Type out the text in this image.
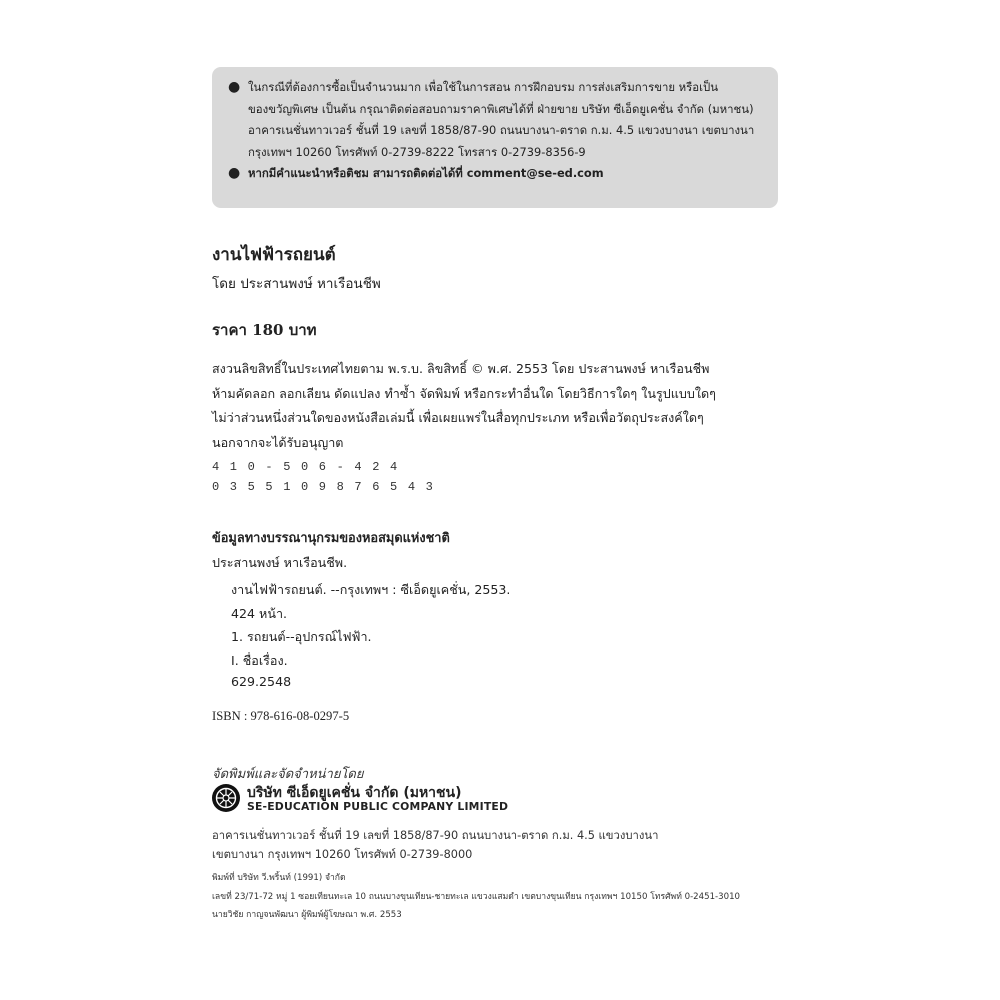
● ในกรณีที่ต้องการซื้อเป็นจำนวนมาก เพื่อใช้ในการสอน การฝึกอบรม การส่งเสริมการขาย หรือเป็น
ของขวัญพิเศษ เป็นต้น กรุณาติดต่อสอบถามราคาพิเศษได้ที่ ฝ่ายขาย บริษัท ซีเอ็ดยูเคชั่น จำกัด (มหาชน)
อาคารเนชั่นทาวเวอร์ ชั้นที่ 19 เลขที่ 1858/87-90 ถนนบางนา-ตราด ก.ม. 4.5 แขวงบางนา เขตบางนา
กรุงเทพฯ 10260 โทรศัพท์ 0-2739-8222 โทรสาร 0-2739-8356-9
● หากมีคำแนะนำหรือติชม สามารถติดต่อได้ที่ comment@se-ed.com
งานไฟฟ้ารถยนต์
โดย ประสานพงษ์ หาเรือนชีพ
ราคา 180 บาท
สงวนลิขสิทธิ์ในประเทศไทยตาม พ.ร.บ. ลิขสิทธิ์ © พ.ศ. 2553 โดย ประสานพงษ์ หาเรือนชีพ
ห้ามคัดลอก ลอกเลียน ดัดแปลง ทำซ้ำ จัดพิมพ์ หรือกระทำอื่นใด โดยวิธีการใดๆ ในรูปแบบใดๆ
ไม่ว่าส่วนหนึ่งส่วนใดของหนังสือเล่มนี้ เพื่อเผยแพร่ในสื่อทุกประเภท หรือเพื่อวัตถุประสงค์ใดๆ
นอกจากจะได้รับอนุญาต
410-506-424
0355109876543
ข้อมูลทางบรรณานุกรมของหอสมุดแห่งชาติ
ประสานพงษ์ หาเรือนชีพ.
งานไฟฟ้ารถยนต์. --กรุงเทพฯ : ซีเอ็ดยูเคชั่น, 2553.
424 หน้า.
1. รถยนต์--อุปกรณ์ไฟฟ้า.
I. ชื่อเรื่อง.
629.2548
ISBN : 978-616-08-0297-5
จัดพิมพ์และจัดจำหน่ายโดย
บริษัท ซีเอ็ดยูเคชั่น จำกัด (มหาชน)
SE-EDUCATION PUBLIC COMPANY LIMITED
อาคารเนชั่นทาวเวอร์ ชั้นที่ 19 เลขที่ 1858/87-90 ถนนบางนา-ตราด ก.ม. 4.5 แขวงบางนา
เขตบางนา กรุงเทพฯ 10260 โทรศัพท์ 0-2739-8000
พิมพ์ที่ บริษัท วี.พริ้นท์ (1991) จำกัด
เลขที่ 23/71-72 หมู่ 1 ซอยเทียนทะเล 10 ถนนบางขุนเทียน-ชายทะเล แขวงแสมดำ เขตบางขุนเทียน กรุงเทพฯ 10150 โทรศัพท์ 0-2451-3010
นายวิชัย กาญจนพัฒนา ผู้พิมพ์ผู้โฆษณา พ.ศ. 2553
